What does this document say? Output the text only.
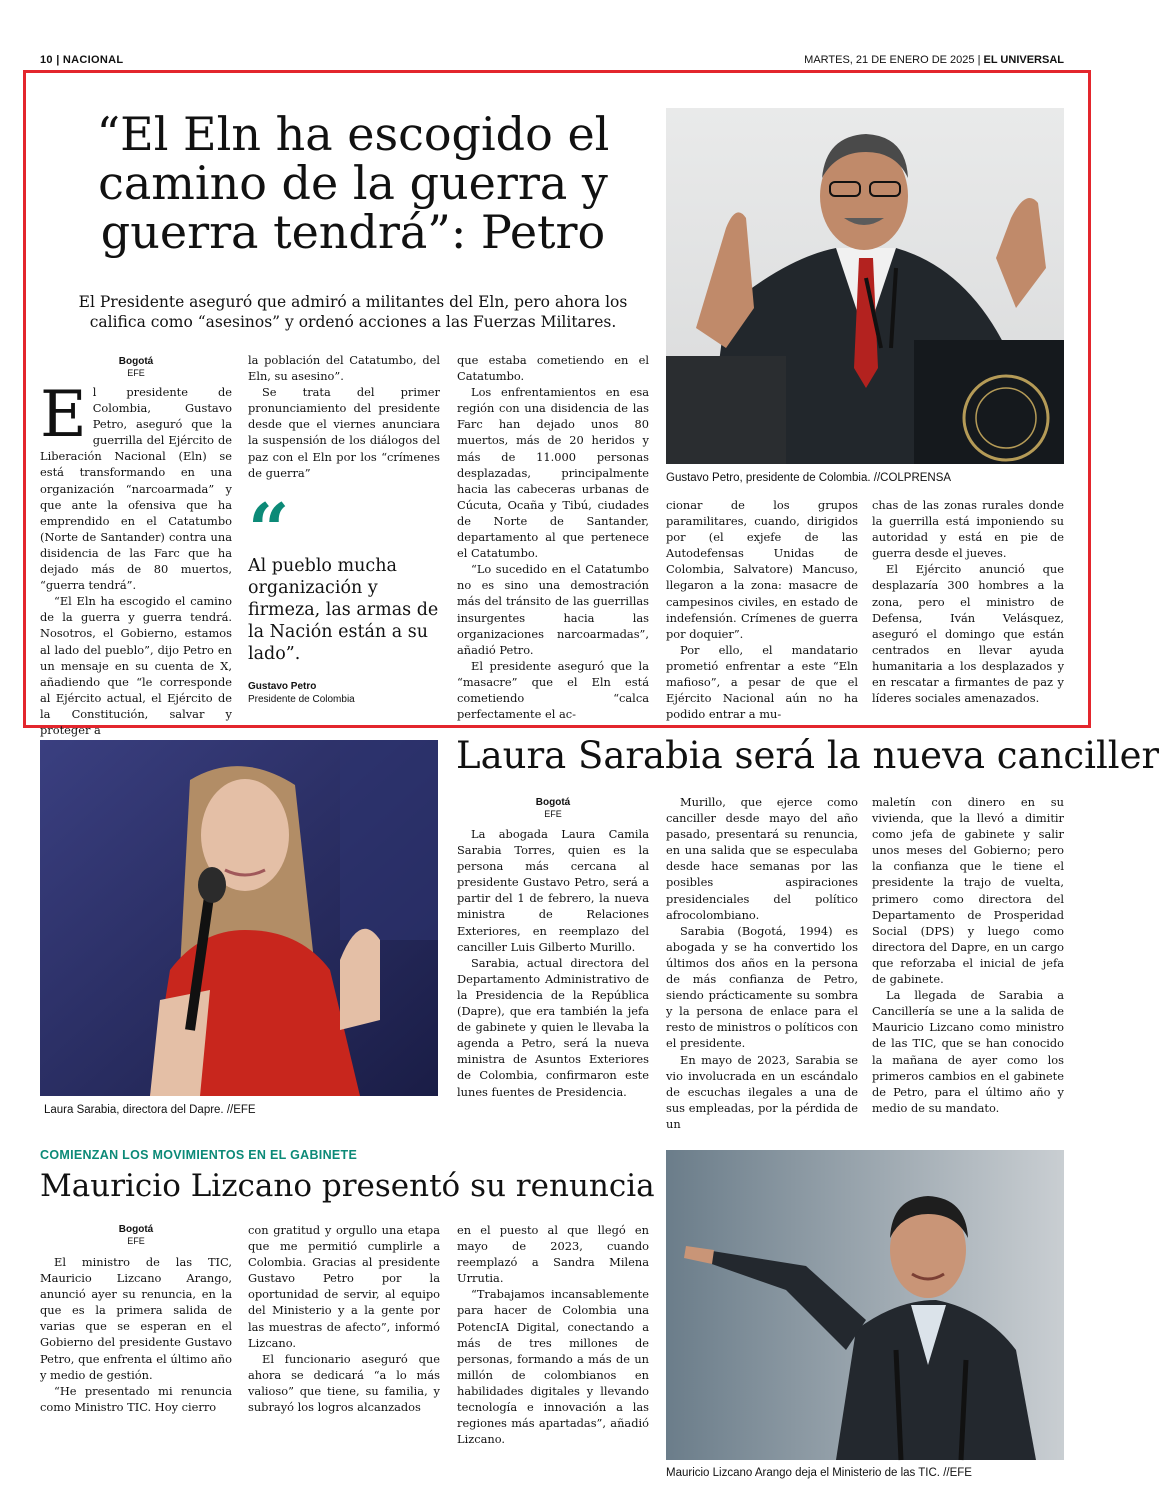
10 | NACIONAL	MARTES, 21 DE ENERO DE 2025 | EL UNIVERSAL
“El Eln ha escogido el camino de la guerra y guerra tendrá”: Petro

El Presidente aseguró que admiró a militantes del Eln, pero ahora los califica como “asesinos” y ordenó acciones a las Fuerzas Militares.

Bogotá
EFE
E l presidente de Colombia, Gustavo Petro, aseguró que la guerrilla del Ejército de Liberación Nacional (Eln) se está transformando en una organización “narcoarmada” y que ante la ofensiva que ha emprendido en el Catatumbo (Norte de Santander) contra una disidencia de las Farc que ha dejado más de 80 muertos, “guerra tendrá”.

“El Eln ha escogido el camino de la guerra y guerra tendrá. Nosotros, el Gobierno, estamos al lado del pueblo”, dijo Petro en un mensaje en su cuenta de X, añadiendo que “le corresponde al Ejército actual, el Ejército de la Constitución, salvar y proteger a

la población del Catatumbo, del Eln, su asesino”.

Se trata del primer pronunciamiento del presidente desde que el viernes anunciara la suspensión de los diálogos del paz con el Eln por los “crímenes de guerra”

“
Al pueblo mucha organización y firmeza, las armas de la Nación están a su lado”.
Gustavo Petro
Presidente de Colombia

que estaba cometiendo en el Catatumbo.

Los enfrentamientos en esa región con una disidencia de las Farc han dejado unos 80 muertos, más de 20 heridos y más de 11.000 personas desplazadas, principalmente hacia las cabeceras urbanas de Cúcuta, Ocaña y Tibú, ciudades de Norte de Santander, departamento al que pertenece el Catatumbo.

“Lo sucedido en el Catatumbo no es sino una demostración más del tránsito de las guerrillas insurgentes hacia las organizaciones narcoarmadas”, añadió Petro.

El presidente aseguró que la “masacre” que el Eln está cometiendo “calca perfectamente el ac-

Gustavo Petro, presidente de Colombia. //COLPRENSA

cionar de los grupos paramilitares, cuando, dirigidos por (el exjefe de las Autodefensas Unidas de Colombia, Salvatore) Mancuso, llegaron a la zona: masacre de campesinos civiles, en estado de indefensión. Crímenes de guerra por doquier”.

Por ello, el mandatario prometió enfrentar a este “Eln mafioso”, a pesar de que el Ejército Nacional aún no ha podido entrar a mu-

chas de las zonas rurales donde la guerrilla está imponiendo su autoridad y está en pie de guerra desde el jueves.

El Ejército anunció que desplazaría 300 hombres a la zona, pero el ministro de Defensa, Iván Velásquez, aseguró el domingo que están centrados en llevar ayuda humanitaria a los desplazados y en rescatar a firmantes de paz y líderes sociales amenazados.

Laura Sarabia, directora del Dapre. //EFE
Laura Sarabia será la nueva canciller
Bogotá
EFE

La abogada Laura Camila Sarabia Torres, quien es la persona más cercana al presidente Gustavo Petro, será a partir del 1 de febrero, la nueva ministra de Relaciones Exteriores, en reemplazo del canciller Luis Gilberto Murillo.

Sarabia, actual directora del Departamento Administrativo de la Presidencia de la República (Dapre), que era también la jefa de gabinete y quien le llevaba la agenda a Petro, será la nueva ministra de Asuntos Exteriores de Colombia, confirmaron este lunes fuentes de Presidencia.

Murillo, que ejerce como canciller desde mayo del año pasado, presentará su renuncia, en una salida que se especulaba desde hace semanas por las posibles aspiraciones presidenciales del político afrocolombiano.

Sarabia (Bogotá, 1994) es abogada y se ha convertido los últimos dos años en la persona de más confianza de Petro, siendo prácticamente su sombra y la persona de enlace para el resto de ministros o políticos con el presidente.

En mayo de 2023, Sarabia se vio involucrada en un escándalo de escuchas ilegales a una de sus empleadas, por la pérdida de un

maletín con dinero en su vivienda, que la llevó a dimitir como jefa de gabinete y salir unos meses del Gobierno; pero la confianza que le tiene el presidente la trajo de vuelta, primero como directora del Departamento de Prosperidad Social (DPS) y luego como directora del Dapre, en un cargo que reforzaba el inicial de jefa de gabinete.

La llegada de Sarabia a Cancillería se une a la salida de Mauricio Lizcano como ministro de las TIC, que se han conocido la mañana de ayer como los primeros cambios en el gabinete de Petro, para el último año y medio de su mandato.

COMIENZAN LOS MOVIMIENTOS EN EL GABINETE
Mauricio Lizcano presentó su renuncia
Bogotá
EFE

El ministro de las TIC, Mauricio Lizcano Arango, anunció ayer su renuncia, en la que es la primera salida de varias que se esperan en el Gobierno del presidente Gustavo Petro, que enfrenta el último año y medio de gestión.

“He presentado mi renuncia como Ministro TIC. Hoy cierro

con gratitud y orgullo una etapa que me permitió cumplirle a Colombia. Gracias al presidente Gustavo Petro por la oportunidad de servir, al equipo del Ministerio y a la gente por las muestras de afecto”, informó Lizcano.

El funcionario aseguró que ahora se dedicará “a lo más valioso” que tiene, su familia, y subrayó los logros alcanzados

en el puesto al que llegó en mayo de 2023, cuando reemplazó a Sandra Milena Urrutia.

“Trabajamos incansablemente para hacer de Colombia una PotencIA Digital, conectando a más de tres millones de personas, formando a más de un millón de colombianos en habilidades digitales y llevando tecnología e innovación a las regiones más apartadas”, añadió Lizcano.

Mauricio Lizcano Arango deja el Ministerio de las TIC. //EFE
